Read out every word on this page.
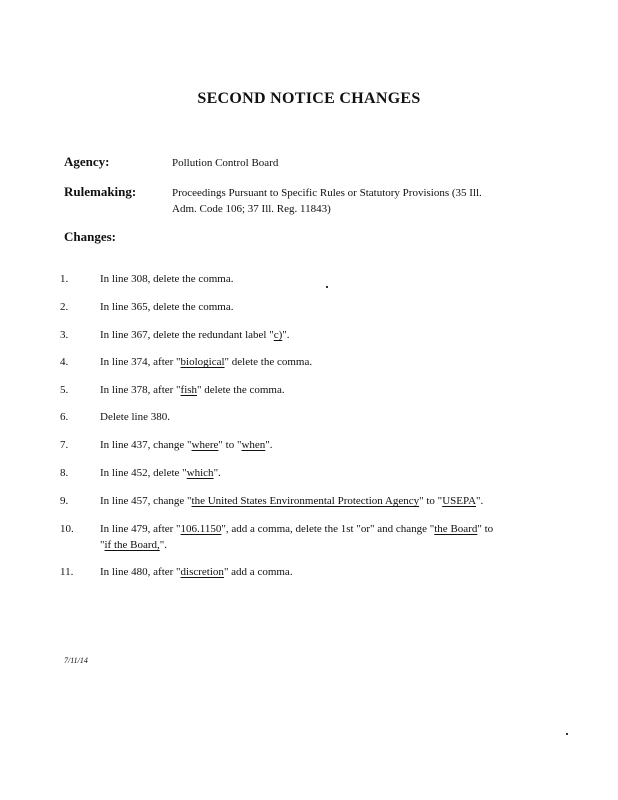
SECOND NOTICE CHANGES
Agency:	Pollution Control Board
Rulemaking:	Proceedings Pursuant to Specific Rules or Statutory Provisions (35 Ill.
Adm. Code 106; 37 Ill. Reg. 11843)
Changes:
1.	In line 308, delete the comma.
2.	In line 365, delete the comma.
3.	In line 367, delete the redundant label "c)".
4.	In line 374, after "biological" delete the comma.
5.	In line 378, after "fish" delete the comma.
6.	Delete line 380.
7.	In line 437, change "where" to "when".
8.	In line 452, delete "which".
9.	In line 457, change "the United States Environmental Protection Agency" to "USEPA".
10.	In line 479, after "106.1150", add a comma, delete the 1st "or" and change "the Board" to
"if the Board,".
11.	In line 480, after "discretion" add a comma.
7/11/14
